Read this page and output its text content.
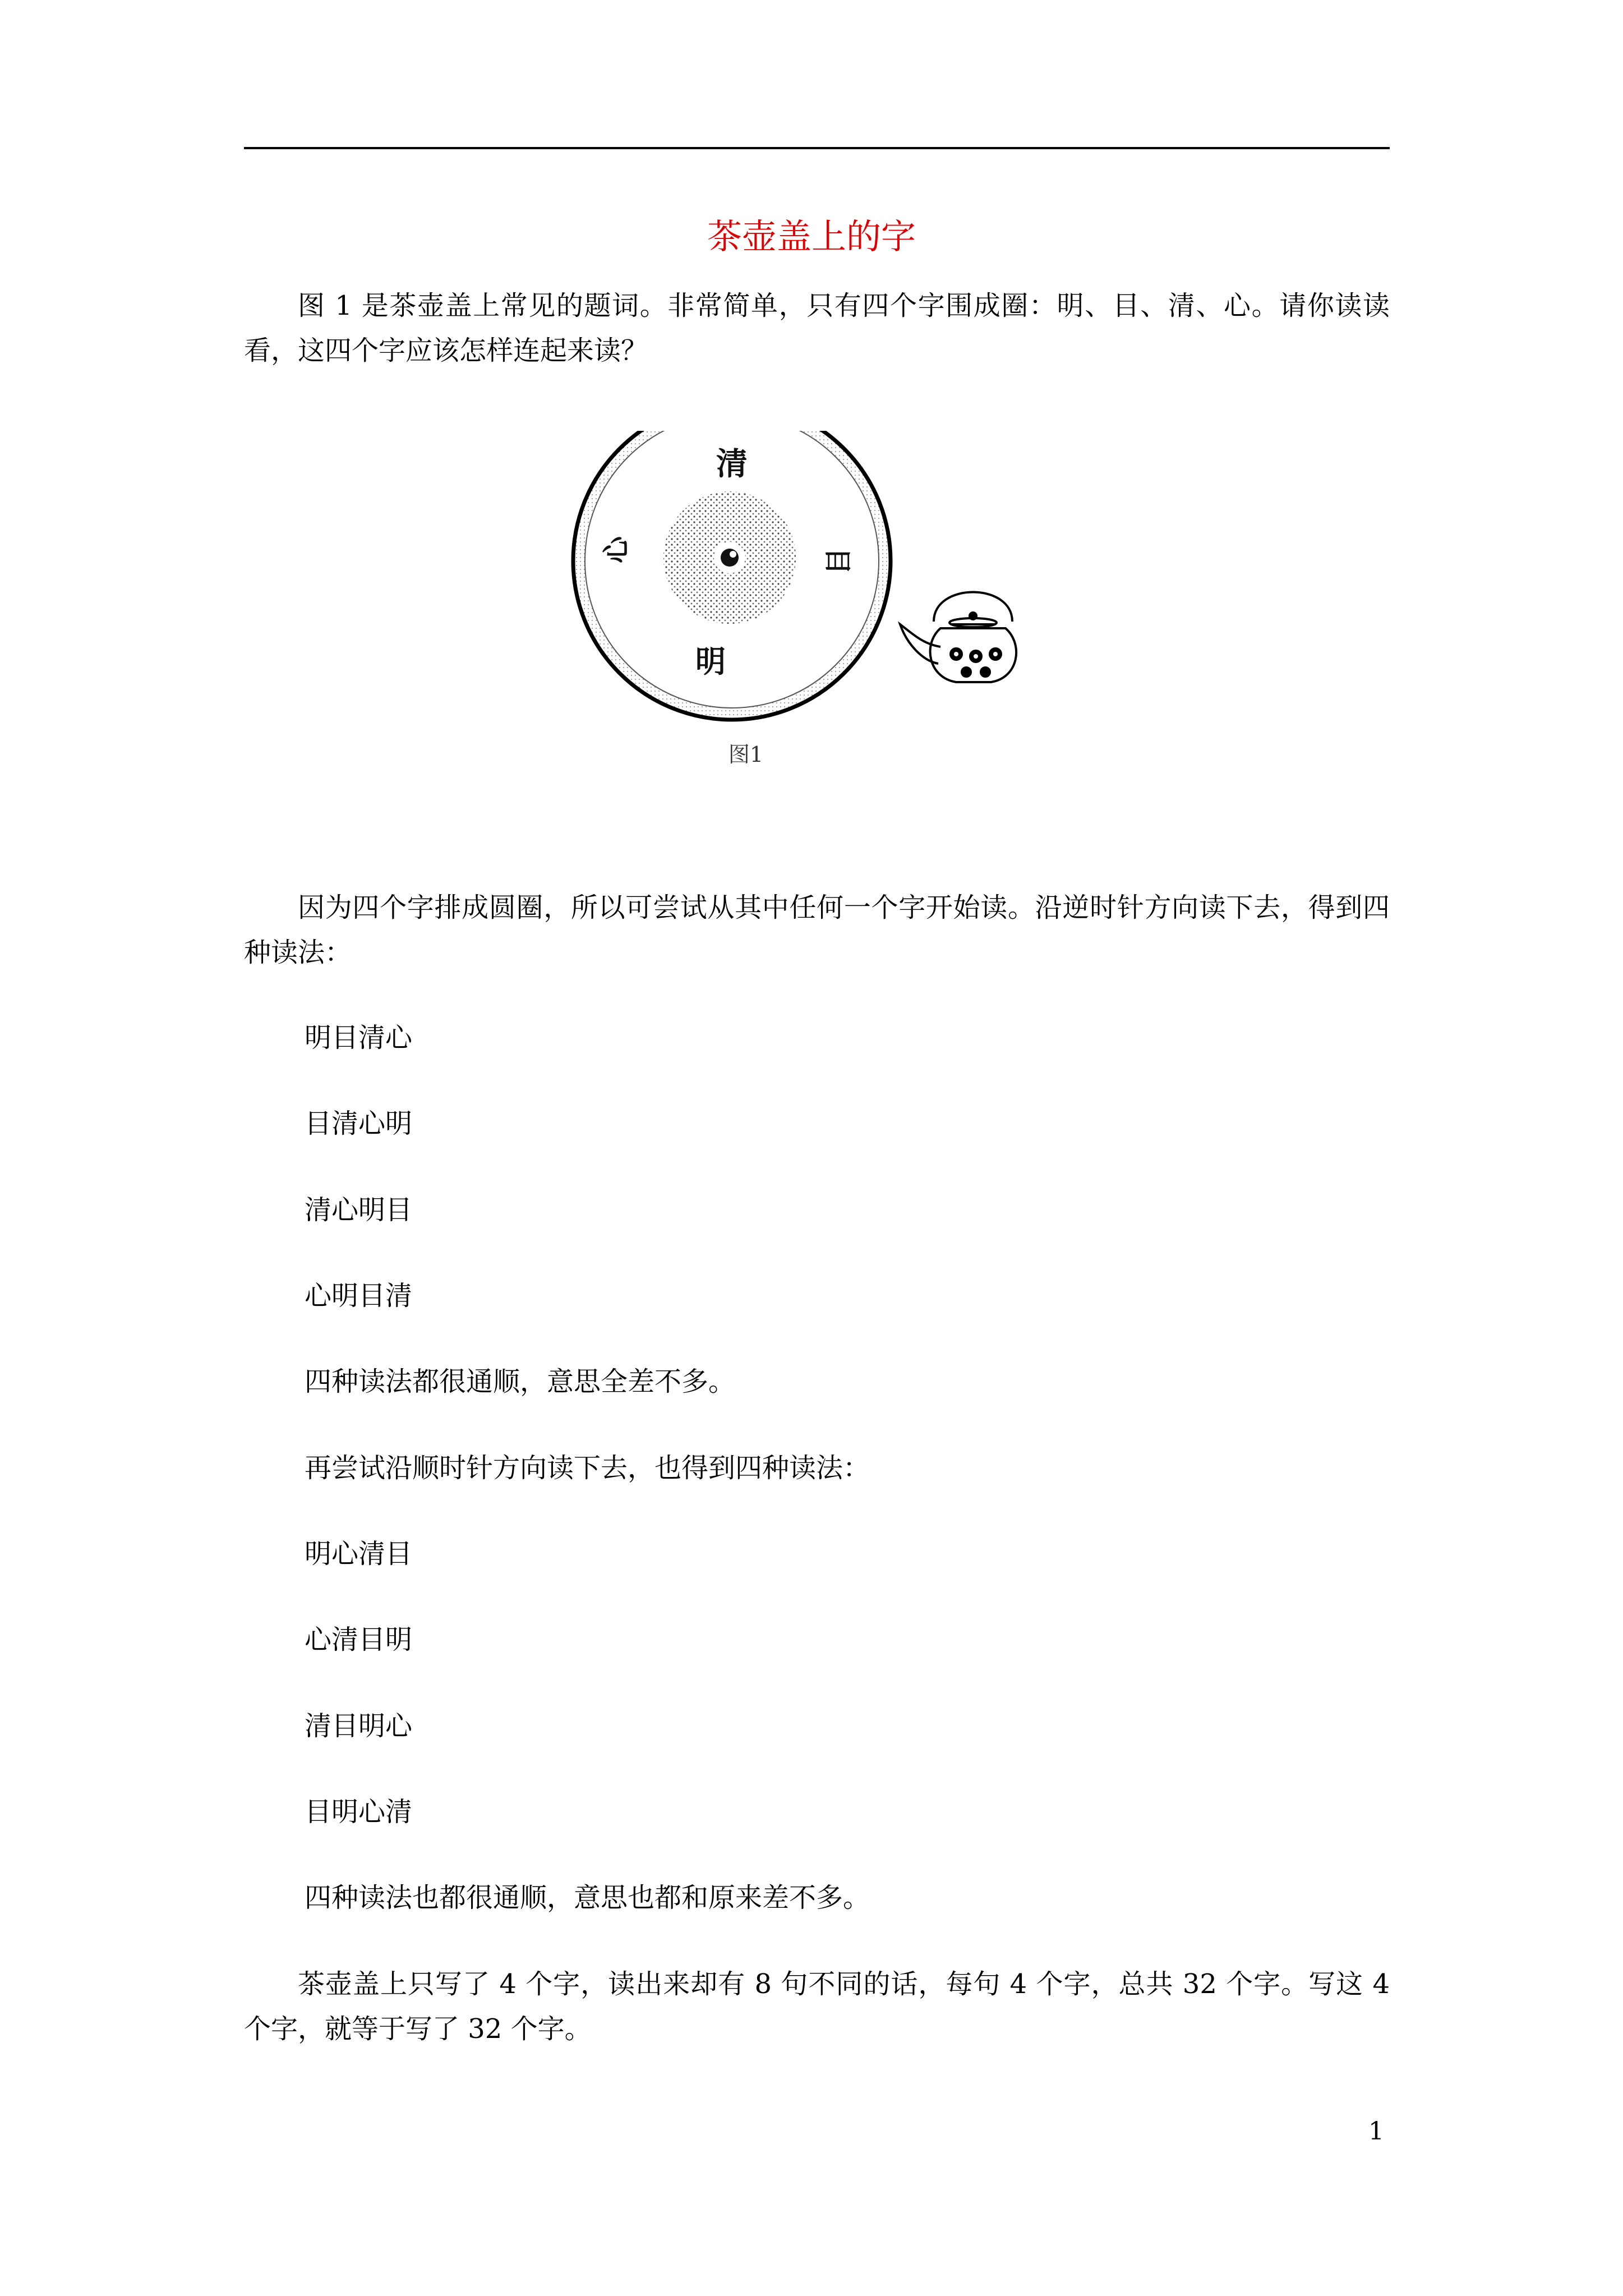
茶壶盖上的字
图 1 是茶壶盖上常见的题词。非常简单，只有四个字围成圈：明、目、清、心。请你读读看，这四个字应该怎样连起来读？
清
目
明
心
图1
因为四个字排成圆圈，所以可尝试从其中任何一个字开始读。沿逆时针方向读下去，得到四种读法：
明目清心
目清心明
清心明目
心明目清
四种读法都很通顺，意思全差不多。
再尝试沿顺时针方向读下去，也得到四种读法：
明心清目
心清目明
清目明心
目明心清
四种读法也都很通顺，意思也都和原来差不多。
茶壶盖上只写了 4 个字，读出来却有 8 句不同的话，每句 4 个字，总共 32 个字。写这 4 个字，就等于写了 32 个字。
1
